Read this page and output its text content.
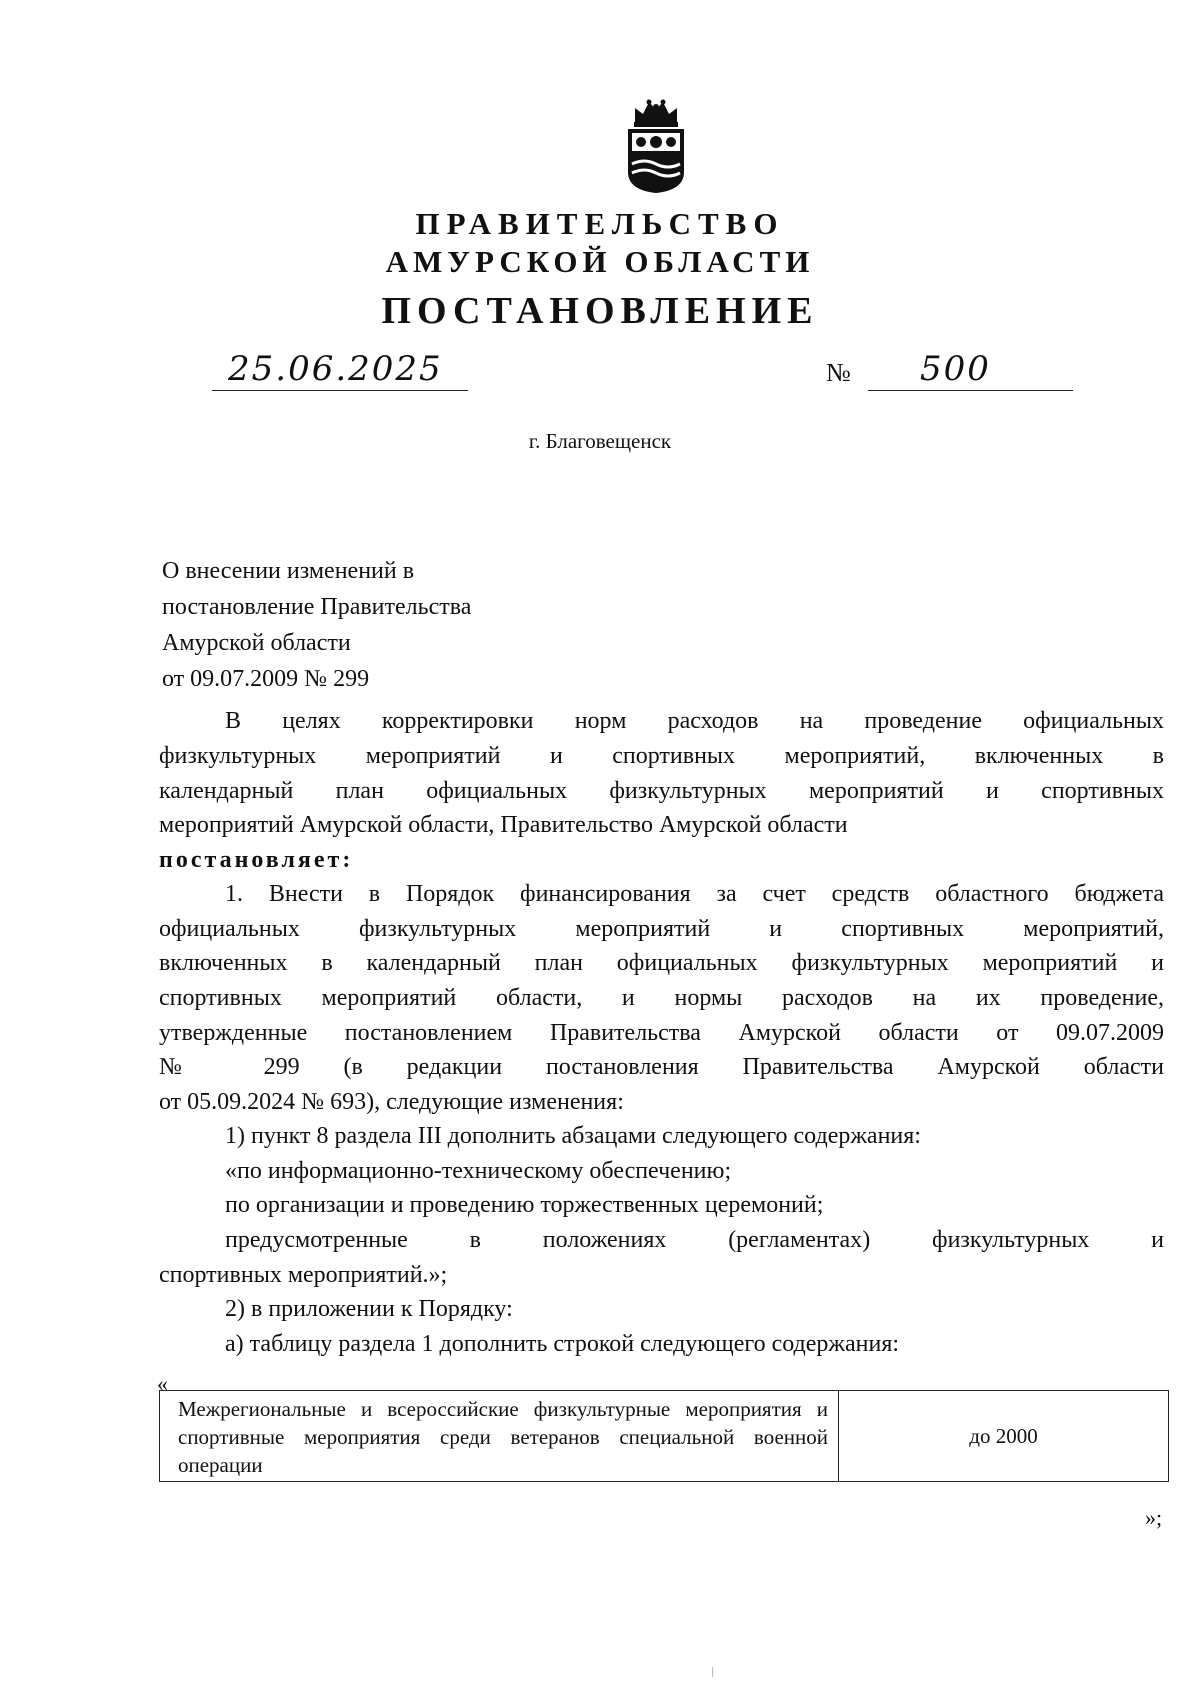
ПРАВИТЕЛЬСТВО
АМУРСКОЙ ОБЛАСТИ
ПОСТАНОВЛЕНИЕ
25.06.2025	№ 500
г. Благовещенск
О внесении изменений в
постановление Правительства
Амурской области
от 09.07.2009 № 299
В целях корректировки норм расходов на проведение официальных
физкультурных мероприятий и спортивных мероприятий, включенных в
календарный план официальных физкультурных мероприятий и спортивных
мероприятий Амурской области, Правительство Амурской области
постановляет:
1. Внести в Порядок финансирования за счет средств областного бюджета
официальных физкультурных мероприятий и спортивных мероприятий,
включенных в календарный план официальных физкультурных мероприятий и
спортивных мероприятий области, и нормы расходов на их проведение,
утвержденные постановлением Правительства Амурской области от 09.07.2009
№ 299 (в редакции постановления Правительства Амурской области
от 05.09.2024 № 693), следующие изменения:
1) пункт 8 раздела III дополнить абзацами следующего содержания:
«по информационно-техническому обеспечению;
по организации и проведению торжественных церемоний;
предусмотренные в положениях (регламентах) физкультурных и
спортивных мероприятий.»;
2) в приложении к Порядку:
а) таблицу раздела 1 дополнить строкой следующего содержания:
«
Межрегиональные и всероссийские физкультурные мероприятия и спортивные мероприятия среди ветеранов специальной военной операции	до 2000
»;
